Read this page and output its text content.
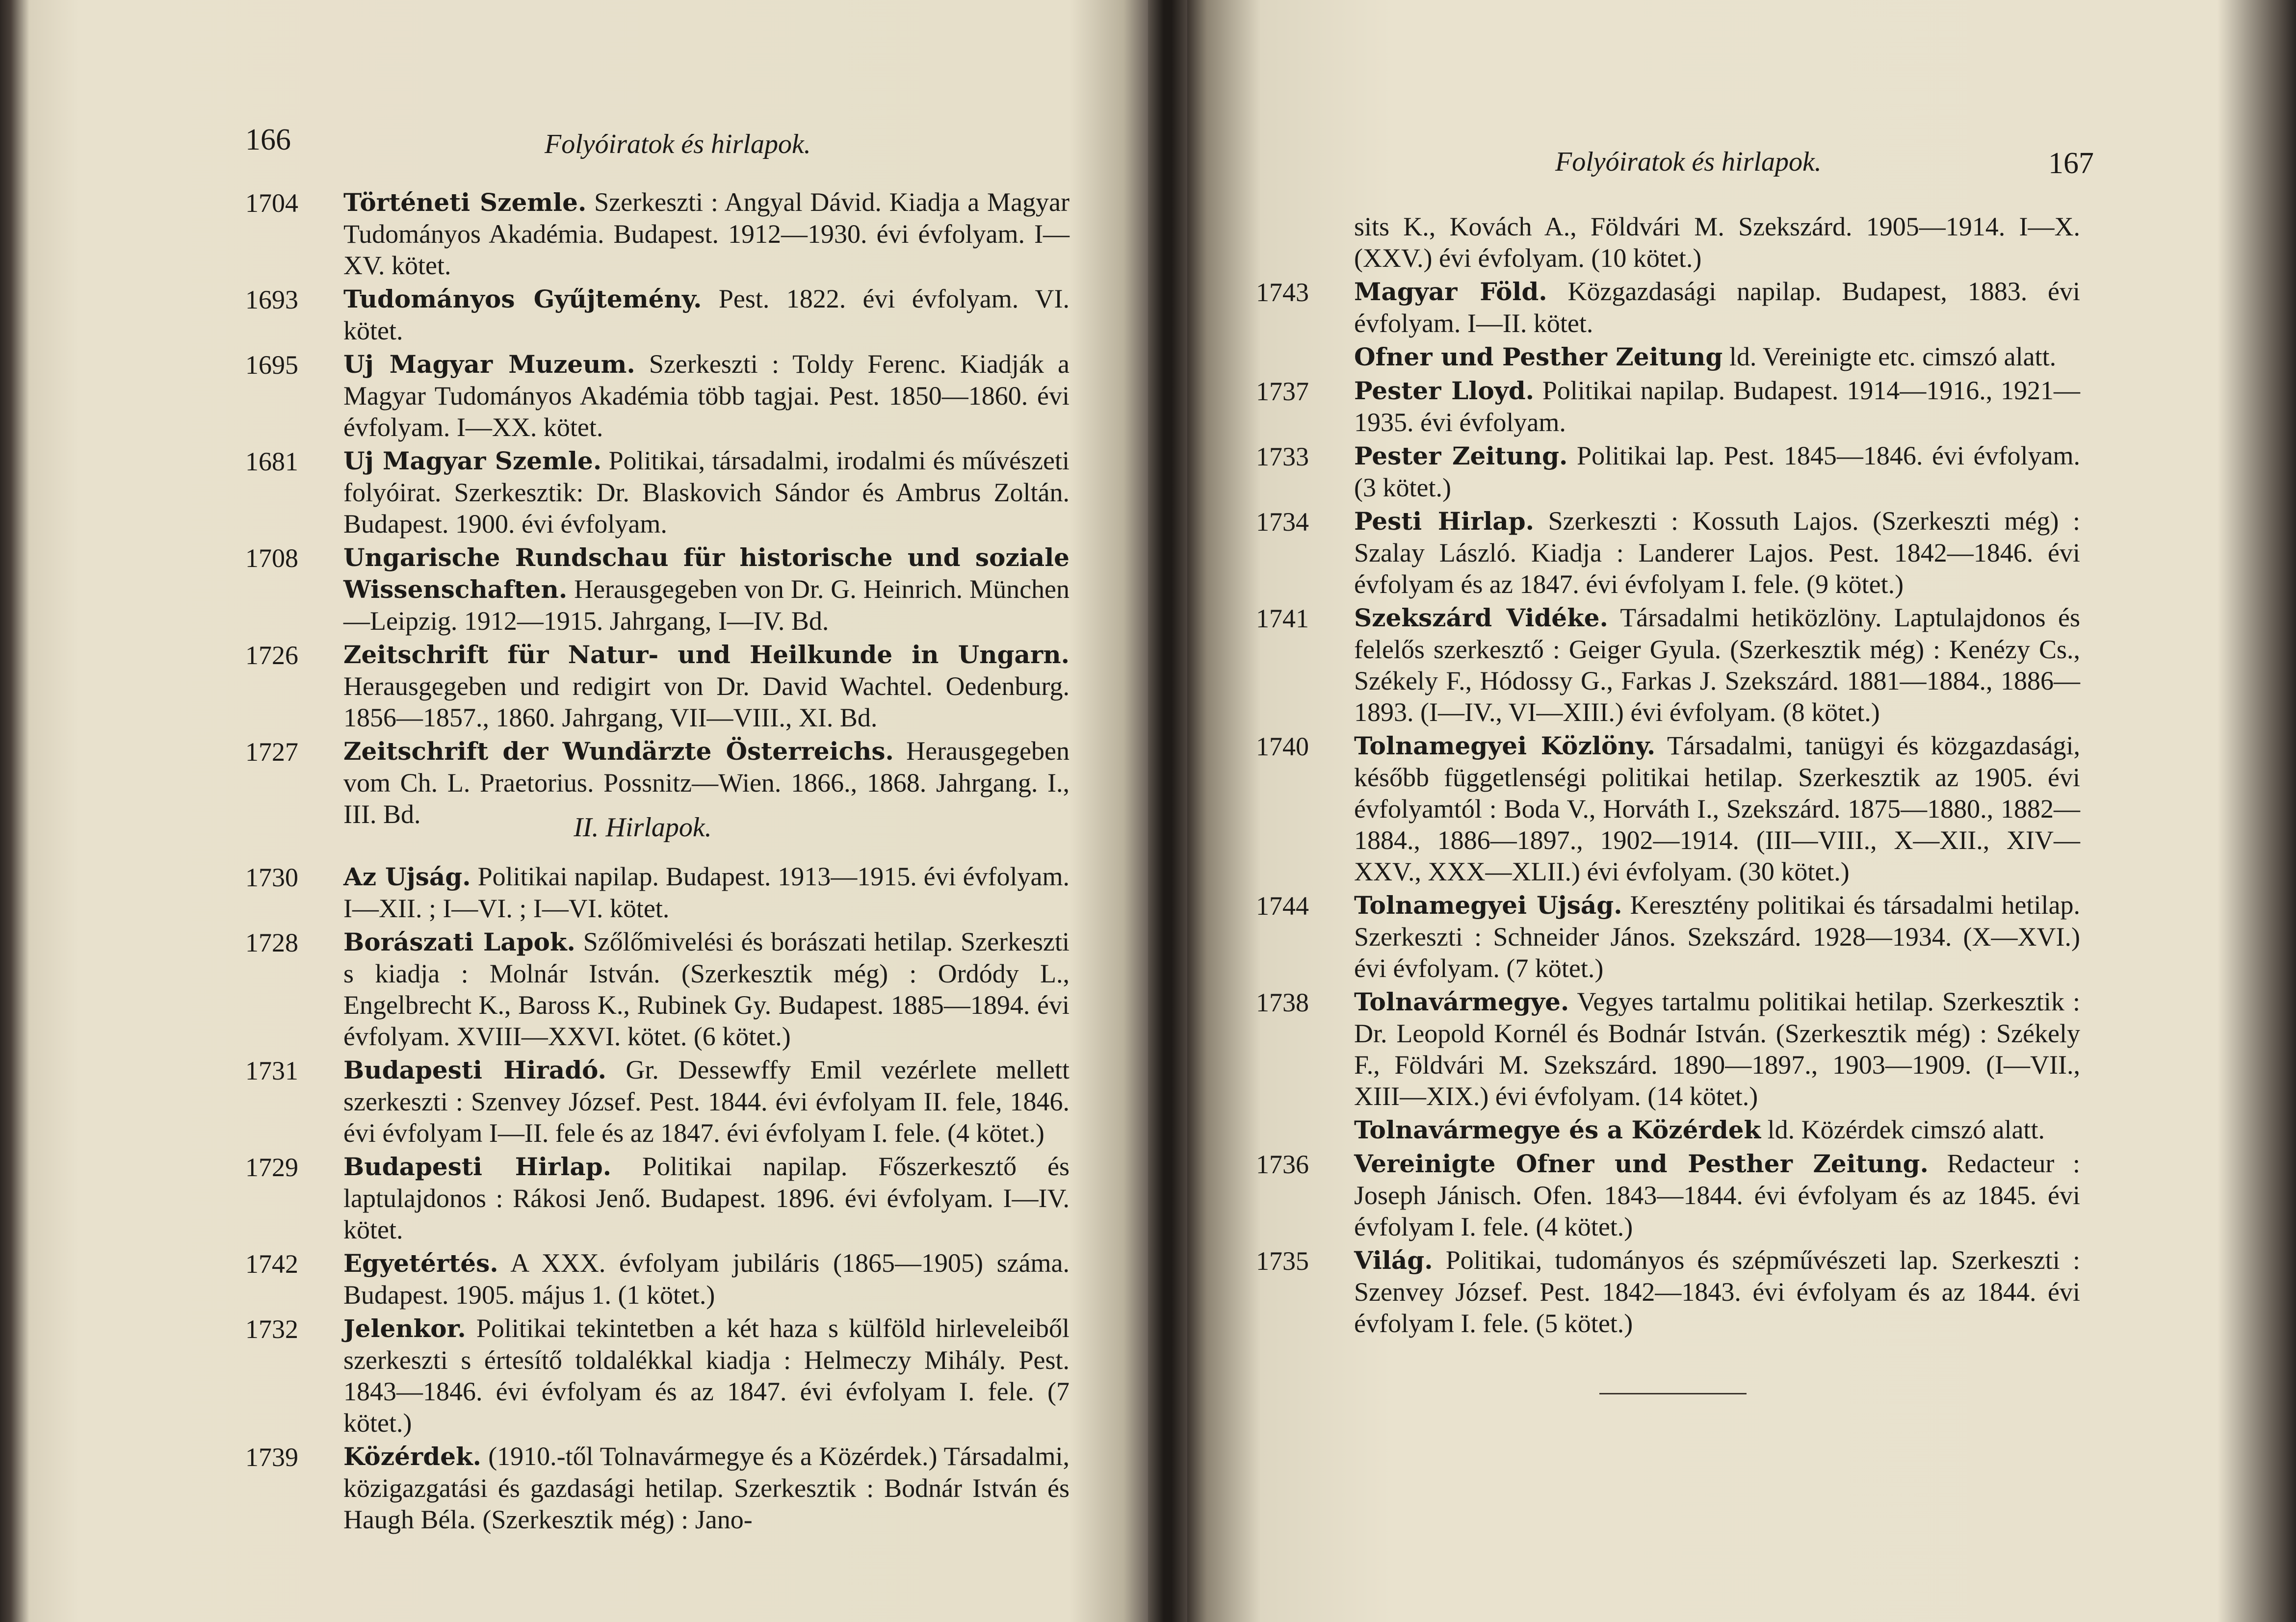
166	Folyóiratok és hirlapok.
1704 Történeti Szemle. Szerkeszti : Angyal Dávid. Kiadja a Magyar Tudományos Akadémia. Budapest. 1912—1930. évi évfolyam. I—XV. kötet.
1693 Tudományos Gyűjtemény. Pest. 1822. évi évfolyam. VI. kötet.
1695 Uj Magyar Muzeum. Szerkeszti : Toldy Ferenc. Kiadják a Magyar Tudományos Akadémia több tagjai. Pest. 1850—1860. évi évfolyam. I—XX. kötet.
1681 Uj Magyar Szemle. Politikai, társadalmi, irodalmi és művészeti folyóirat. Szerkesztik: Dr. Blaskovich Sándor és Ambrus Zoltán. Budapest. 1900. évi évfolyam.
1708 Ungarische Rundschau für historische und soziale Wissenschaften. Herausgegeben von Dr. G. Heinrich. München—Leipzig. 1912—1915. Jahrgang, I—IV. Bd.
1726 Zeitschrift für Natur- und Heilkunde in Ungarn. Herausgegeben und redigirt von Dr. David Wachtel. Oedenburg. 1856—1857., 1860. Jahrgang, VII—VIII., XI. Bd.
1727 Zeitschrift der Wundärzte Österreichs. Herausgegeben vom Ch. L. Praetorius. Possnitz—Wien. 1866., 1868. Jahrgang. I., III. Bd.	II. Hirlapok.
1730 Az Ujság. Politikai napilap. Budapest. 1913—1915. évi évfolyam. I—XII. ; I—VI. ; I—VI. kötet.
1728 Borászati Lapok. Szőlőmivelési és borászati hetilap. Szerkeszti s kiadja : Molnár István. (Szerkesztik még) : Ordódy L., Engelbrecht K., Baross K., Rubinek Gy. Budapest. 1885—1894. évi évfolyam. XVIII—XXVI. kötet. (6 kötet.)
1731 Budapesti Hiradó. Gr. Dessewffy Emil vezérlete mellett szerkeszti : Szenvey József. Pest. 1844. évi évfolyam II. fele, 1846. évi évfolyam I—II. fele és az 1847. évi évfolyam I. fele. (4 kötet.)
1729 Budapesti Hirlap. Politikai napilap. Főszerkesztő és laptulajdonos : Rákosi Jenő. Budapest. 1896. évi évfolyam. I—IV. kötet.
1742 Egyetértés. A XXX. évfolyam jubiláris (1865—1905) száma. Budapest. 1905. május 1. (1 kötet.)
1732 Jelenkor. Politikai tekintetben a két haza s külföld hirleveleiből szerkeszti s értesítő toldalékkal kiadja : Helmeczy Mihály. Pest. 1843—1846. évi évfolyam és az 1847. évi évfolyam I. fele. (7 kötet.)
1739 Közérdek. (1910.-től Tolnavármegye és a Közérdek.) Társadalmi, közigazgatási és gazdasági hetilap. Szerkesztik : Bodnár István és Haugh Béla. (Szerkesztik még) : Jano-
Folyóiratok és hirlapok.	167
sits K., Kovách A., Földvári M. Szekszárd. 1905—1914. I—X. (XXV.) évi évfolyam. (10 kötet.)
1743 Magyar Föld. Közgazdasági napilap. Budapest, 1883. évi évfolyam. I—II. kötet.
Ofner und Pesther Zeitung ld. Vereinigte etc. cimszó alatt.
1737 Pester Lloyd. Politikai napilap. Budapest. 1914—1916., 1921—1935. évi évfolyam.
1733 Pester Zeitung. Politikai lap. Pest. 1845—1846. évi évfolyam. (3 kötet.)
1734 Pesti Hirlap. Szerkeszti : Kossuth Lajos. (Szerkeszti még) : Szalay László. Kiadja : Landerer Lajos. Pest. 1842—1846. évi évfolyam és az 1847. évi évfolyam I. fele. (9 kötet.)
1741 Szekszárd Vidéke. Társadalmi hetiközlöny. Laptulajdonos és felelős szerkesztő : Geiger Gyula. (Szerkesztik még) : Kenézy Cs., Székely F., Hódossy G., Farkas J. Szekszárd. 1881—1884., 1886—1893. (I—IV., VI—XIII.) évi évfolyam. (8 kötet.)
1740 Tolnamegyei Közlöny. Társadalmi, tanügyi és közgazdasági, később függetlenségi politikai hetilap. Szerkesztik az 1905. évi évfolyamtól : Boda V., Horváth I., Szekszárd. 1875—1880., 1882—1884., 1886—1897., 1902—1914. (III—VIII., X—XII., XIV—XXV., XXX—XLII.) évi évfolyam. (30 kötet.)
1744 Tolnamegyei Ujság. Keresztény politikai és társadalmi hetilap. Szerkeszti : Schneider János. Szekszárd. 1928—1934. (X—XVI.) évi évfolyam. (7 kötet.)
1738 Tolnavármegye. Vegyes tartalmu politikai hetilap. Szerkesztik : Dr. Leopold Kornél és Bodnár István. (Szerkesztik még) : Székely F., Földvári M. Szekszárd. 1890—1897., 1903—1909. (I—VII., XIII—XIX.) évi évfolyam. (14 kötet.)
Tolnavármegye és a Közérdek ld. Közérdek cimszó alatt.
1736 Vereinigte Ofner und Pesther Zeitung. Redacteur : Joseph Jánisch. Ofen. 1843—1844. évi évfolyam és az 1845. évi évfolyam I. fele. (4 kötet.)
1735 Világ. Politikai, tudományos és szépművészeti lap. Szerkeszti : Szenvey József. Pest. 1842—1843. évi évfolyam és az 1844. évi évfolyam I. fele. (5 kötet.)
